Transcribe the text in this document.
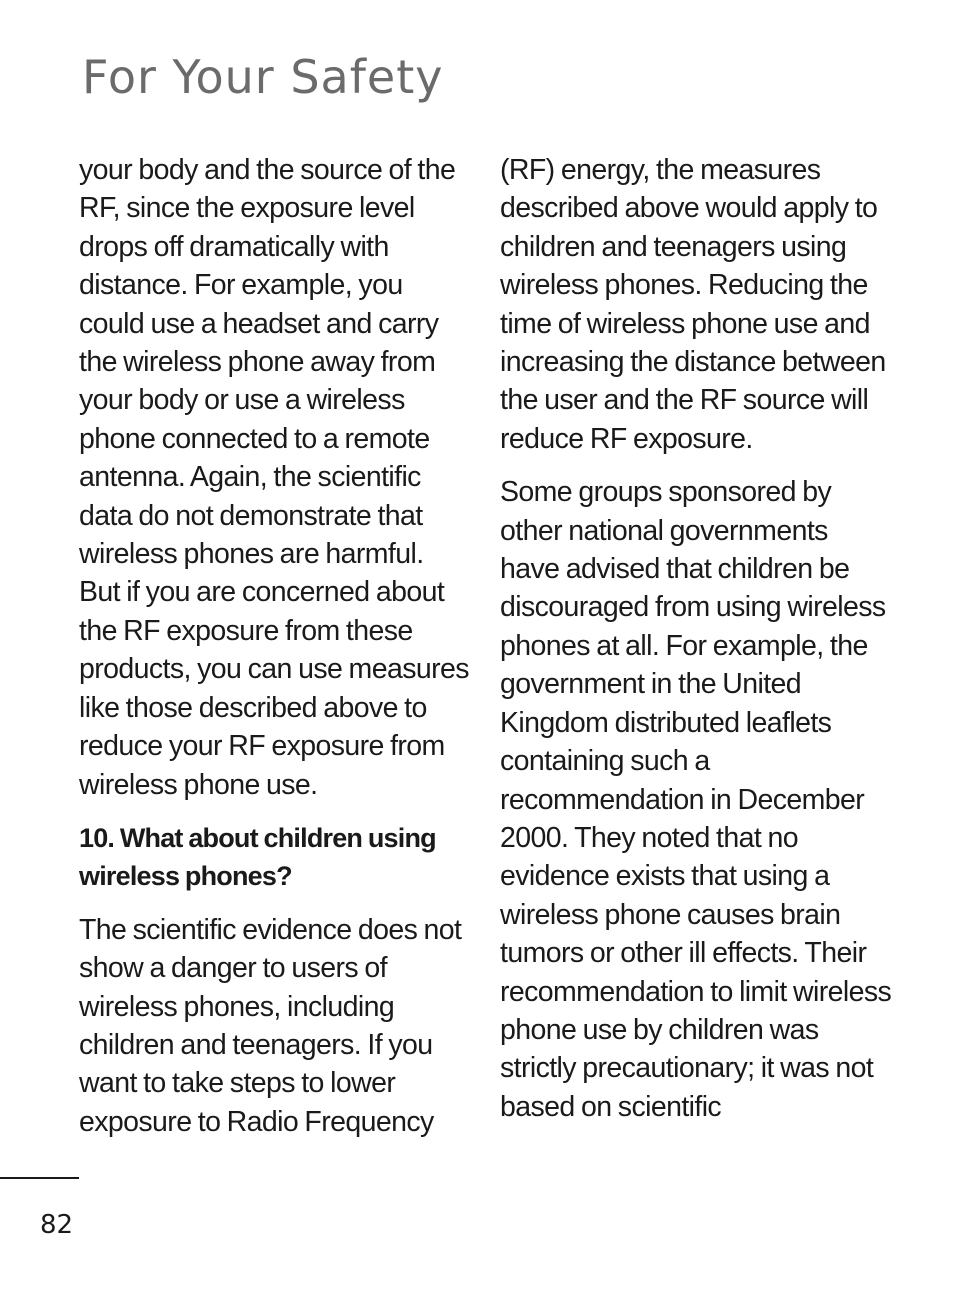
For Your Safety

your body and the source of the RF, since the exposure level drops off dramatically with distance. For example, you could use a headset and carry the wireless phone away from your body or use a wireless phone connected to a remote antenna. Again, the scientific data do not demonstrate that wireless phones are harmful. But if you are concerned about the RF exposure from these products, you can use measures like those described above to reduce your RF exposure from wireless phone use.

10. What about children using wireless phones?

The scientific evidence does not show a danger to users of wireless phones, including children and teenagers. If you want to take steps to lower exposure to Radio Frequency

(RF) energy, the measures described above would apply to children and teenagers using wireless phones. Reducing the time of wireless phone use and increasing the distance between the user and the RF source will reduce RF exposure.

Some groups sponsored by other national governments have advised that children be discouraged from using wireless phones at all. For example, the government in the United Kingdom distributed leaflets containing such a recommendation in December 2000. They noted that no evidence exists that using a wireless phone causes brain tumors or other ill effects. Their recommendation to limit wireless phone use by children was strictly precautionary; it was not based on scientific

82
